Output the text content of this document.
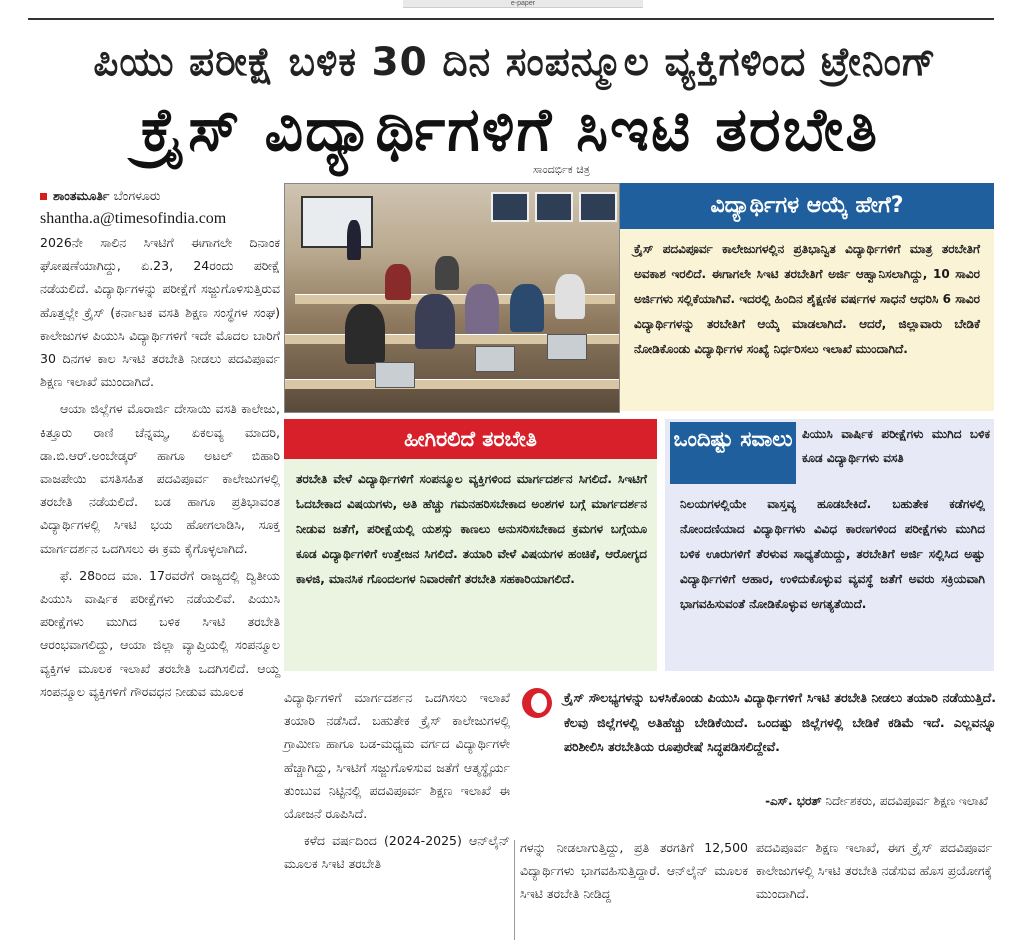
e-paper
ಪಿಯು ಪರೀಕ್ಷೆ ಬಳಿಕ 30 ದಿನ ಸಂಪನ್ಮೂಲ ವ್ಯಕ್ತಿಗಳಿಂದ ಟ್ರೇನಿಂಗ್
ಕ್ರೈಸ್ ವಿದ್ಯಾರ್ಥಿಗಳಿಗೆ ಸಿಇಟಿ ತರಬೇತಿ
ಸಾಂದರ್ಭಿಕ ಚಿತ್ರ
ಶಾಂತಮೂರ್ತಿ ಬೆಂಗಳೂರು
shantha.a@timesofindia.com

2026ನೇ ಸಾಲಿನ ಸಿಇಟಿಗೆ ಈಗಾಗಲೇ ದಿನಾಂಕ ಘೋಷಣೆಯಾಗಿದ್ದು, ಏ.23, 24ರಂದು ಪರೀಕ್ಷೆ ನಡೆಯಲಿದೆ. ವಿದ್ಯಾರ್ಥಿಗಳನ್ನು ಪರೀಕ್ಷೆಗೆ ಸಜ್ಜುಗೊಳಿಸುತ್ತಿರುವ ಹೊತ್ತಲ್ಲೇ ಕ್ರೈಸ್ (ಕರ್ನಾಟಕ ವಸತಿ ಶಿಕ್ಷಣ ಸಂಸ್ಥೆಗಳ ಸಂಘ) ಕಾಲೇಜುಗಳ ಪಿಯುಸಿ ವಿದ್ಯಾರ್ಥಿಗಳಿಗೆ ಇದೇ ಮೊದಲ ಬಾರಿಗೆ 30 ದಿನಗಳ ಕಾಲ ಸಿಇಟಿ ತರಬೇತಿ ನೀಡಲು ಪದವಿಪೂರ್ವ ಶಿಕ್ಷಣ ಇಲಾಖೆ ಮುಂದಾಗಿದೆ.

ಆಯಾ ಜಿಲ್ಲೆಗಳ ಮೊರಾರ್ಜಿ ದೇಸಾಯಿ ವಸತಿ ಕಾಲೇಜು, ಕಿತ್ತೂರು ರಾಣಿ ಚೆನ್ನಮ್ಮ, ಏಕಲವ್ಯ ಮಾದರಿ, ಡಾ.ಬಿ.ಆರ್.ಅಂಬೇಡ್ಕರ್ ಹಾಗೂ ಅಟಲ್ ಬಿಹಾರಿ ವಾಜಪೇಯಿ ವಸತಿಸಹಿತ ಪದವಿಪೂರ್ವ ಕಾಲೇಜುಗಳಲ್ಲಿ ತರಬೇತಿ ನಡೆಯಲಿದೆ. ಬಡ ಹಾಗೂ ಪ್ರತಿಭಾವಂತ ವಿದ್ಯಾರ್ಥಿಗಳಲ್ಲಿ ಸಿಇಟಿ ಭಯ ಹೋಗಲಾಡಿಸಿ, ಸೂಕ್ತ ಮಾರ್ಗದರ್ಶನ ಒದಗಿಸಲು ಈ ಕ್ರಮ ಕೈಗೊಳ್ಳಲಾಗಿದೆ.

ಫೆ. 28ರಿಂದ ಮಾ. 17ರವರೆಗೆ ರಾಜ್ಯದಲ್ಲಿ ದ್ವಿತೀಯ ಪಿಯುಸಿ ವಾರ್ಷಿಕ ಪರೀಕ್ಷೆಗಳು ನಡೆಯಲಿವೆ. ಪಿಯುಸಿ ಪರೀಕ್ಷೆಗಳು ಮುಗಿದ ಬಳಿಕ ಸಿಇಟಿ ತರಬೇತಿ ಆರಂಭವಾಗಲಿದ್ದು, ಆಯಾ ಜಿಲ್ಲಾ ವ್ಯಾಪ್ತಿಯಲ್ಲಿ ಸಂಪನ್ಮೂಲ ವ್ಯಕ್ತಿಗಳ ಮೂಲಕ ಇಲಾಖೆ ತರಬೇತಿ ಒದಗಿಸಲಿದೆ. ಆಯ್ದ ಸಂಪನ್ಮೂಲ ವ್ಯಕ್ತಿಗಳಿಗೆ ಗೌರವಧನ ನೀಡುವ ಮೂಲಕ

ವಿದ್ಯಾರ್ಥಿಗಳ ಆಯ್ಕೆ ಹೇಗೆ?

ಕ್ರೈಸ್ ಪದವಿಪೂರ್ವ ಕಾಲೇಜುಗಳಲ್ಲಿನ ಪ್ರತಿಭಾನ್ವಿತ ವಿದ್ಯಾರ್ಥಿಗಳಿಗೆ ಮಾತ್ರ ತರಬೇತಿಗೆ ಅವಕಾಶ ಇರಲಿದೆ. ಈಗಾಗಲೇ ಸಿಇಟಿ ತರಬೇತಿಗೆ ಅರ್ಜಿ ಆಹ್ವಾನಿಸಲಾಗಿದ್ದು, 10 ಸಾವಿರ ಅರ್ಜಿಗಳು ಸಲ್ಲಿಕೆಯಾಗಿವೆ. ಇದರಲ್ಲಿ ಹಿಂದಿನ ಶೈಕ್ಷಣಿಕ ವರ್ಷಗಳ ಸಾಧನೆ ಆಧರಿಸಿ 6 ಸಾವಿರ ವಿದ್ಯಾರ್ಥಿಗಳನ್ನು ತರಬೇತಿಗೆ ಆಯ್ಕೆ ಮಾಡಲಾಗಿದೆ. ಆದರೆ, ಜಿಲ್ಲಾವಾರು ಬೇಡಿಕೆ ನೋಡಿಕೊಂಡು ವಿದ್ಯಾರ್ಥಿಗಳ ಸಂಖ್ಯೆ ನಿರ್ಧರಿಸಲು ಇಲಾಖೆ ಮುಂದಾಗಿದೆ.

ಹೀಗಿರಲಿದೆ ತರಬೇತಿ

ತರಬೇತಿ ವೇಳೆ ವಿದ್ಯಾರ್ಥಿಗಳಿಗೆ ಸಂಪನ್ಮೂಲ ವ್ಯಕ್ತಿಗಳಿಂದ ಮಾರ್ಗದರ್ಶನ ಸಿಗಲಿದೆ. ಸಿಇಟಿಗೆ ಓದಬೇಕಾದ ವಿಷಯಗಳು, ಅತಿ ಹೆಚ್ಚು ಗಮನಹರಿಸಬೇಕಾದ ಅಂಶಗಳ ಬಗ್ಗೆ ಮಾರ್ಗದರ್ಶನ ನೀಡುವ ಜತೆಗೆ, ಪರೀಕ್ಷೆಯಲ್ಲಿ ಯಶಸ್ಸು ಕಾಣಲು ಅನುಸರಿಸಬೇಕಾದ ಕ್ರಮಗಳ ಬಗ್ಗೆಯೂ ಕೂಡ ವಿದ್ಯಾರ್ಥಿಗಳಿಗೆ ಉತ್ತೇಜನ ಸಿಗಲಿದೆ. ತಯಾರಿ ವೇಳೆ ವಿಷಯಗಳ ಹಂಚಿಕೆ, ಆರೋಗ್ಯದ ಕಾಳಜಿ, ಮಾನಸಿಕ ಗೊಂದಲಗಳ ನಿವಾರಣೆಗೆ ತರಬೇತಿ ಸಹಕಾರಿಯಾಗಲಿದೆ.

ಒಂದಿಷ್ಟು ಸವಾಲು ಪಿಯುಸಿ ವಾರ್ಷಿಕ ಪರೀಕ್ಷೆಗಳು ಮುಗಿದ ಬಳಿಕ ಕೂಡ ವಿದ್ಯಾರ್ಥಿಗಳು ವಸತಿ
ನಿಲಯಗಳಲ್ಲಿಯೇ ವಾಸ್ತವ್ಯ ಹೂಡಬೇಕಿದೆ. ಬಹುತೇಕ ಕಡೆಗಳಲ್ಲಿ ನೋಂದಣಿಯಾದ ವಿದ್ಯಾರ್ಥಿಗಳು ವಿವಿಧ ಕಾರಣಗಳಿಂದ ಪರೀಕ್ಷೆಗಳು ಮುಗಿದ ಬಳಿಕ ಊರುಗಳಿಗೆ ತೆರಳುವ ಸಾಧ್ಯತೆಯಿದ್ದು, ತರಬೇತಿಗೆ ಅರ್ಜಿ ಸಲ್ಲಿಸಿದ ಅಷ್ಟು ವಿದ್ಯಾರ್ಥಿಗಳಿಗೆ ಆಹಾರ, ಉಳಿದುಕೊಳ್ಳುವ ವ್ಯವಸ್ಥೆ ಜತೆಗೆ ಅವರು ಸಕ್ರಿಯವಾಗಿ ಭಾಗವಹಿಸುವಂತೆ ನೋಡಿಕೊಳ್ಳುವ ಅಗತ್ಯತೆಯಿದೆ.

ವಿದ್ಯಾರ್ಥಿಗಳಿಗೆ ಮಾರ್ಗದರ್ಶನ ಒದಗಿಸಲು ಇಲಾಖೆ ತಯಾರಿ ನಡೆಸಿದೆ. ಬಹುತೇಕ ಕ್ರೈಸ್ ಕಾಲೇಜುಗಳಲ್ಲಿ ಗ್ರಾಮೀಣ ಹಾಗೂ ಬಡ-ಮಧ್ಯಮ ವರ್ಗದ ವಿದ್ಯಾರ್ಥಿಗಳೇ ಹೆಚ್ಚಾಗಿದ್ದು, ಸಿಇಟಿಗೆ ಸಜ್ಜುಗೊಳಿಸುವ ಜತೆಗೆ ಆತ್ಮಸ್ಥೈರ್ಯ ತುಂಬುವ ನಿಟ್ಟಿನಲ್ಲಿ ಪದವಿಪೂರ್ವ ಶಿಕ್ಷಣ ಇಲಾಖೆ ಈ ಯೋಜನೆ ರೂಪಿಸಿದೆ.

ಕಳೆದ ವರ್ಷದಿಂದ (2024-2025) ಆನ್‌ಲೈನ್ ಮೂಲಕ ಸಿಇಟಿ ತರಬೇತಿ

ಕ್ರೈಸ್ ಸೌಲಭ್ಯಗಳನ್ನು ಬಳಸಿಕೊಂಡು ಪಿಯುಸಿ ವಿದ್ಯಾರ್ಥಿಗಳಿಗೆ ಸಿಇಟಿ ತರಬೇತಿ ನೀಡಲು ತಯಾರಿ ನಡೆಯುತ್ತಿದೆ. ಕೆಲವು ಜಿಲ್ಲೆಗಳಲ್ಲಿ ಅತಿಹೆಚ್ಚು ಬೇಡಿಕೆಯಿದೆ. ಒಂದಷ್ಟು ಜಿಲ್ಲೆಗಳಲ್ಲಿ ಬೇಡಿಕೆ ಕಡಿಮೆ ಇದೆ. ಎಲ್ಲವನ್ನೂ ಪರಿಶೀಲಿಸಿ ತರಬೇತಿಯ ರೂಪುರೇಷೆ ಸಿದ್ಧಪಡಿಸಲಿದ್ದೇವೆ.

-ಎಸ್. ಭರತ್ ನಿರ್ದೇಶಕರು, ಪದವಿಪೂರ್ವ ಶಿಕ್ಷಣ ಇಲಾಖೆ

ಗಳನ್ನು ನೀಡಲಾಗುತ್ತಿದ್ದು, ಪ್ರತಿ ತರಗತಿಗೆ 12,500 ವಿದ್ಯಾರ್ಥಿಗಳು ಭಾಗವಹಿಸುತ್ತಿದ್ದಾರೆ. ಆನ್‌ಲೈನ್ ಮೂಲಕ ಸಿಇಟಿ ತರಬೇತಿ ನೀಡಿದ್ದ

ಪದವಿಪೂರ್ವ ಶಿಕ್ಷಣ ಇಲಾಖೆ, ಈಗ ಕ್ರೈಸ್ ಪದವಿಪೂರ್ವ ಕಾಲೇಜುಗಳಲ್ಲಿ ಸಿಇಟಿ ತರಬೇತಿ ನಡೆಸುವ ಹೊಸ ಪ್ರಯೋಗಕ್ಕೆ ಮುಂದಾಗಿದೆ.
